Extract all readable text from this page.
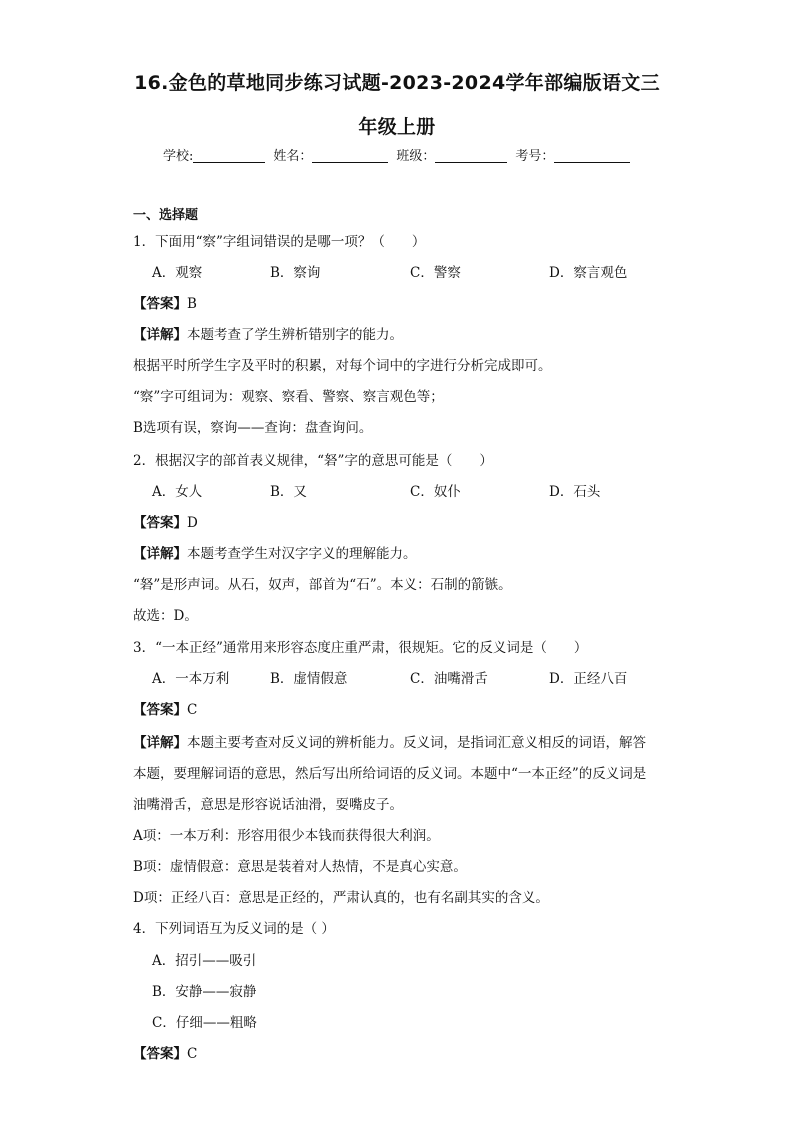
16.金色的草地同步练习试题-2023-2024学年部编版语文三
年级上册
学校:	姓名：	班级：	考号：
一、选择题
1．下面用“察”字组词错误的是哪一项？（　　）
A．观察	B．察询	C．警察	D．察言观色
【答案】B
【详解】本题考查了学生辨析错别字的能力。
根据平时所学生字及平时的积累，对每个词中的字进行分析完成即可。
“察”字可组词为：观察、察看、警察、察言观色等；
B选项有误，察询——查询：盘查询问。
2．根据汉字的部首表义规律，“砮”字的意思可能是（　　）
A．女人	B．又	C．奴仆	D．石头
【答案】D
【详解】本题考查学生对汉字字义的理解能力。
“砮”是形声词。从石，奴声，部首为“石”。本义：石制的箭镞。
故选：D。
3．“一本正经”通常用来形容态度庄重严肃，很规矩。它的反义词是（　　）
A．一本万利	B．虚情假意	C．油嘴滑舌	D．正经八百
【答案】C
【详解】本题主要考查对反义词的辨析能力。反义词，是指词汇意义相反的词语，解答
本题，要理解词语的意思，然后写出所给词语的反义词。本题中“一本正经”的反义词是
油嘴滑舌，意思是形容说话油滑，耍嘴皮子。
A项：一本万利：形容用很少本钱而获得很大利润。
B项：虚情假意：意思是装着对人热情，不是真心实意。
D项：正经八百：意思是正经的，严肃认真的，也有名副其实的含义。
4．下列词语互为反义词的是（ ）
A．招引——吸引
B．安静——寂静
C．仔细——粗略
【答案】C
